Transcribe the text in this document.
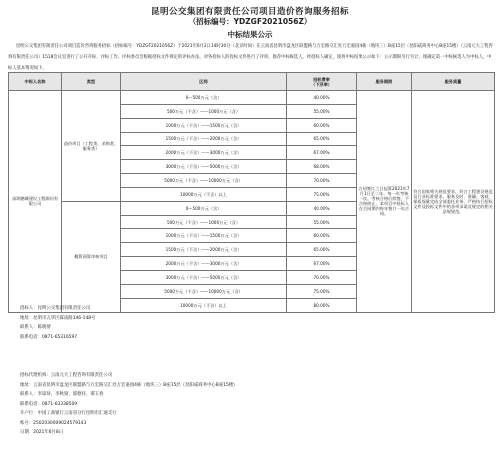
昆明公交集团有限责任公司项目造价咨询服务招标
（招标编号：YDZGF2021056Z）
中标结果公示
昆明公交集团有限责任公司项目造价咨询服务招标（招标编号：YDZGF2021056Z）于2021年6月2日14时30分（北京时间）在云南省昆明市盘龙区联盟路与万宏路交汇处万宏嘉园4栋（地块三）B座15层（昆阳咸商务中心B座15楼）（云南元大工程咨询有限责任公司）1518会议室进行了公开开标、评标工作。评标委员会根据招标文件规定的评标办法，对各投标人的投标文件进行了评审，推荐中标候选人，经招标人确定，现将中标结果公示如下：公示期限另行另计，现确定第一中标候选人为中标人，中标人基本情况如下。
中标人名称	类型	区间	招标费率
（下浮率）	服务期限	服务质量
深圳鹏城建设工程顾问有限公司	造价项目（工程类、采购类、服务类）	0—500万元（含）	40.00%	合同签订之日起算2021年7月1日至二年。每一年考核一次，考核合格后续签，不合格终止，本项目中投标人在合同期内每年签订一年合同。	符合国家相关规范要求，符合工程建设规范及行业标准要求，服务及时、准确、客观、保质保量完成全部委托业务，严格执行招标文件及投标文件中的各项承诺及规定的相关法规规范。
		500万元（不含）——1000万元（含）	55.00%		
		1000万元（不含）——1500万元（含）	60.00%		
		1500万元（不含）——2000万元（含）	65.00%		
		2000万元（不含）——3000万元（含）	67.00%		
		3000万元（不含）——5000万元（含）	68.00%		
		5000万元（不含）——10000万元（含）	70.00%		
		10000万元（不含）以上	75.00%		
	概算预算审核项目	0—500万元（含）	40.00%		
		500万元（不含）——1000万元（含）	55.00%		
		1000万元（不含）——1500万元（含）	60.00%		
		1500万元（不含）——2000万元（含）	65.00%		
		2000万元（不含）——3000万元（含）	67.00%		
		3000万元（不含）——5000万元（含）	70.00%		
		5000万元（不含）——10000万元（含）	75.00%		
		10000万元（不含）以上	80.00%		
招标人：昆明公交集团有限责任公司
地址：昆明市五华区霖雨路146-148号
联系人：陈晓倩
联系电话：0871-65316597
招标代理机构：云南元大工程咨询有限责任公司
地址：云南省昆明市盘龙区联盟路与万宏路交汇处万宏嘉园4栋（地块三）B座15层（昆阳咸商务中心B座15楼）
联系人：李琼珍、李秋梁、邵德祥、谭玉春
联系电话：0871-63338509
开户行：中国工商银行云南省分行昆明市汇通支行
账号：2502030009024579143
日期：2021年6月8日
